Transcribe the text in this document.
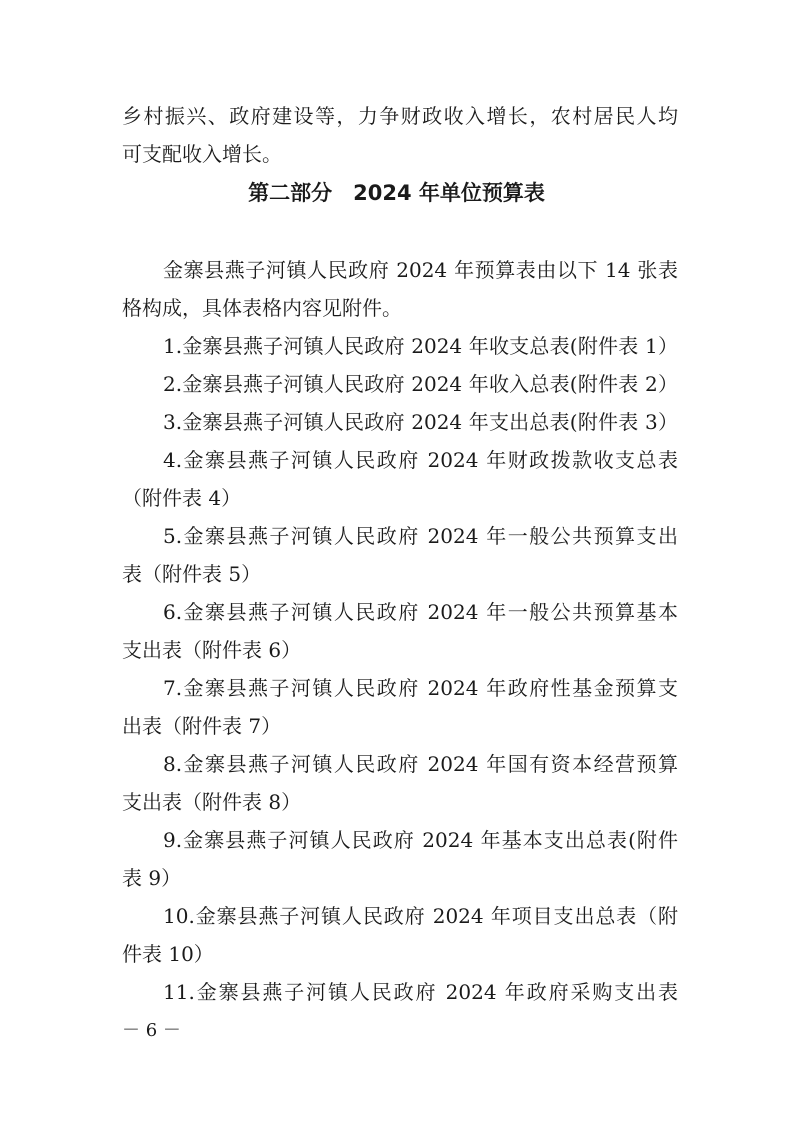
乡村振兴、政府建设等，力争财政收入增长，农村居民人均
可支配收入增长。
第二部分　2024 年单位预算表
金寨县燕子河镇人民政府 2024 年预算表由以下 14 张表
格构成，具体表格内容见附件。
1.金寨县燕子河镇人民政府 2024 年收支总表(附件表 1）
2.金寨县燕子河镇人民政府 2024 年收入总表(附件表 2）
3.金寨县燕子河镇人民政府 2024 年支出总表(附件表 3）
4.金寨县燕子河镇人民政府 2024 年财政拨款收支总表
（附件表 4）
5.金寨县燕子河镇人民政府 2024 年一般公共预算支出
表（附件表 5）
6.金寨县燕子河镇人民政府 2024 年一般公共预算基本
支出表（附件表 6）
7.金寨县燕子河镇人民政府 2024 年政府性基金预算支
出表（附件表 7）
8.金寨县燕子河镇人民政府 2024 年国有资本经营预算
支出表（附件表 8）
9.金寨县燕子河镇人民政府 2024 年基本支出总表(附件
表 9）
10.金寨县燕子河镇人民政府 2024 年项目支出总表（附
件表 10）
11.金寨县燕子河镇人民政府 2024 年政府采购支出表
－ 6 －
